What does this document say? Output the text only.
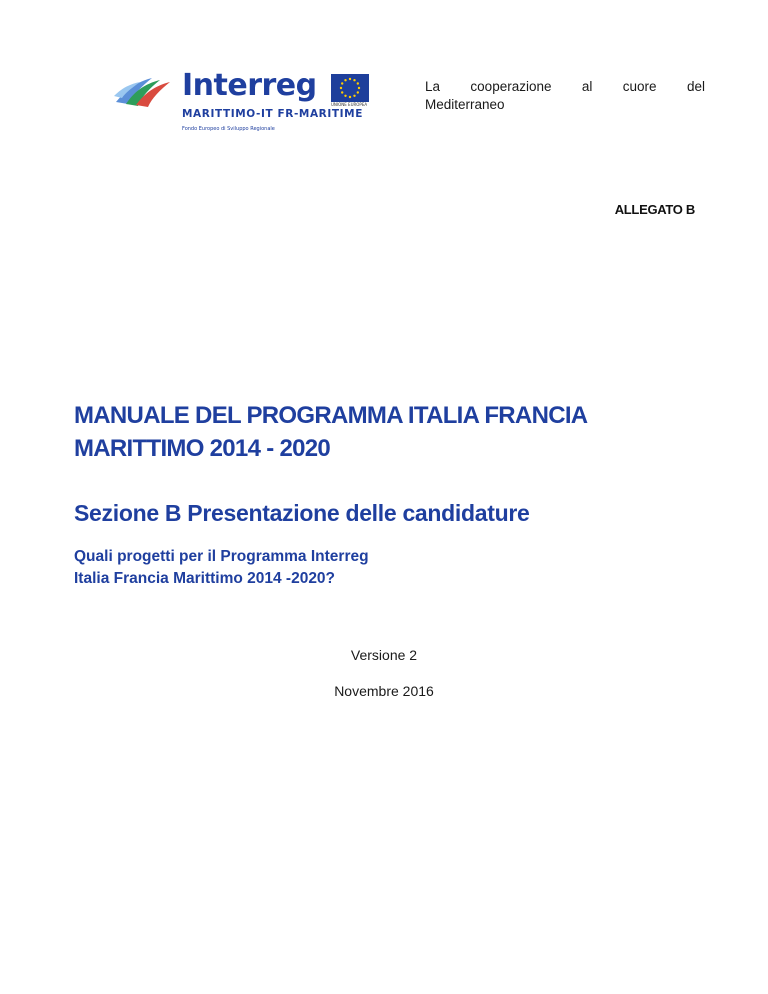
Interreg
UNIONE EUROPEA
MARITTIMO-IT FR-MARITIME
Fondo Europeo di Sviluppo Regionale
La cooperazione al cuore del
Mediterraneo
ALLEGATO B
MANUALE DEL PROGRAMMA ITALIA FRANCIA
MARITTIMO 2014 - 2020
Sezione B Presentazione delle candidature
Quali progetti per il Programma Interreg
Italia Francia Marittimo 2014 -2020?
Versione 2
Novembre 2016
